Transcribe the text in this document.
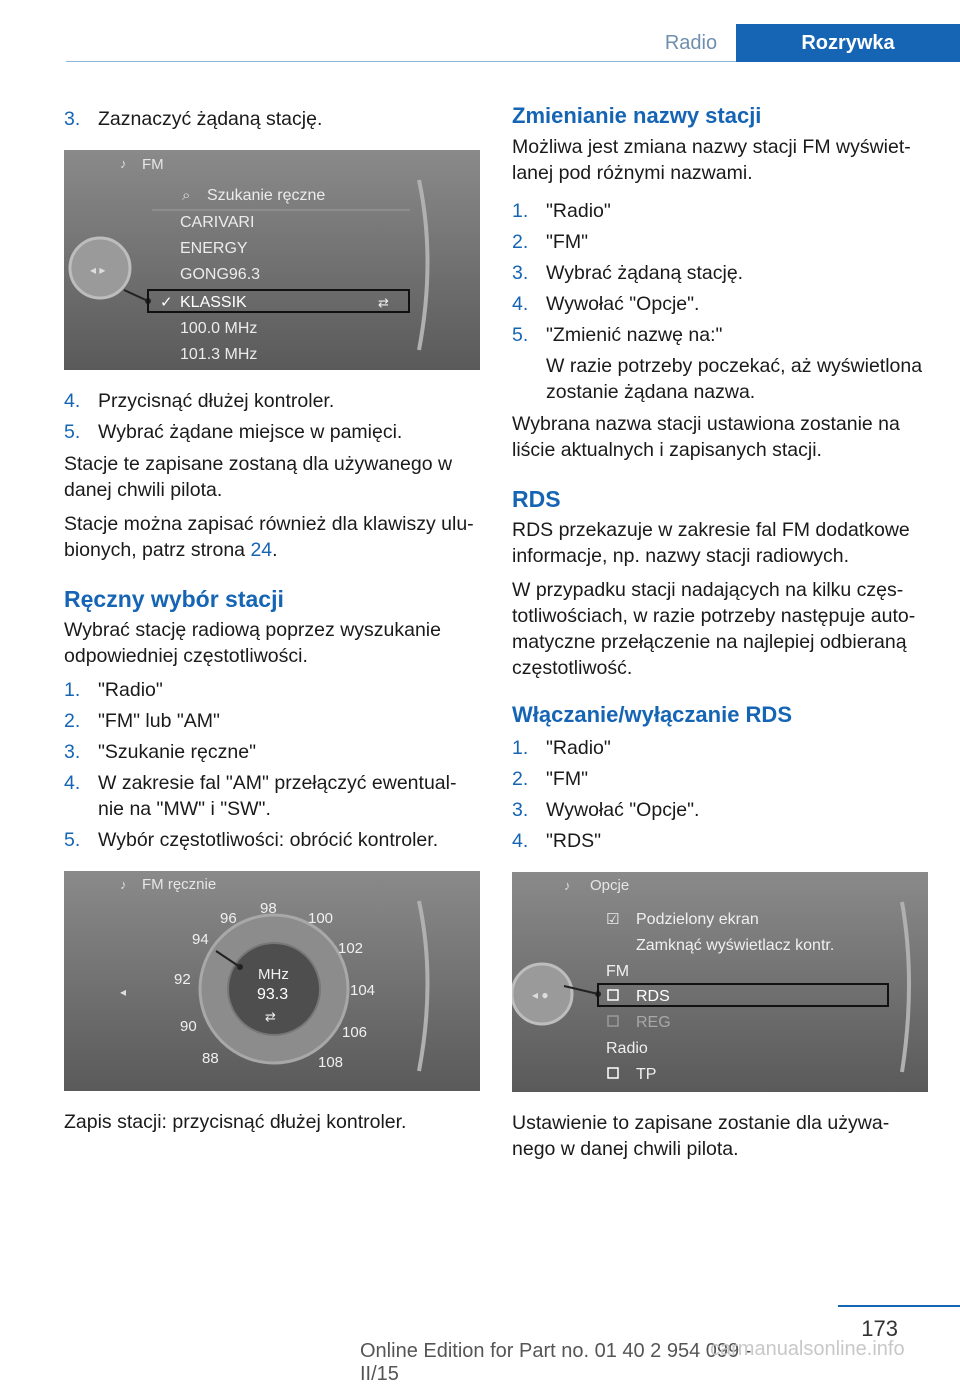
Radio	Rozrywka
3. Zaznaczyć żądaną stację.
◂ ▸
♪ FM
⌕ Szukanie ręczne
CARIVARI
ENERGY
GONG96.3
✓ KLASSIK	⇄
100.0 MHz
101.3 MHz
4. Przycisnąć dłużej kontroler.
5. Wybrać żądane miejsce w pamięci.

Stacje te zapisane zostaną dla używanego w danej chwili pilota.

Stacje można zapisać również dla klawiszy ulu‐bionych, patrz strona 24.

Ręczny wybór stacji

Wybrać stację radiową poprzez wyszukanie odpowiedniej częstotliwości.

1. "Radio"
2. "FM" lub "AM"
3. "Szukanie ręczne"
4. W zakresie fal "AM" przełączyć ewentual‐nie na "MW" i "SW".
5. Wybór częstotliwości: obrócić kontroler.
♪ FM ręcznie
◂
88
90
92
94
96
98
100
102
104
106
108
MHz
93.3
⇄

Zapis stacji: przycisnąć dłużej kontroler.

Zmienianie nazwy stacji

Możliwa jest zmiana nazwy stacji FM wyświet‐lanej pod różnymi nazwami.

1. "Radio"
2. "FM"
3. Wybrać żądaną stację.
4. Wywołać "Opcje".
5. "Zmienić nazwę na:"
W razie potrzeby poczekać, aż wyświetlona zostanie żądana nazwa.

Wybrana nazwa stacji ustawiona zostanie na liście aktualnych i zapisanych stacji.

RDS

RDS przekazuje w zakresie fal FM dodatkowe informacje, np. nazwy stacji radiowych.

W przypadku stacji nadających na kilku częs‐totliwościach, w razie potrzeby następuje auto‐matyczne przełączenie na najlepiej odbieraną częstotliwość.

Włączanie/wyłączanie RDS
1. "Radio"
2. "FM"
3. Wywołać "Opcje".
4. "RDS"
♪ Opcje
◂ ●
☑ Podzielony ekran
Zamknąć wyświetlacz kontr.
FM
RDS
REG
Radio
TP

Ustawienie to zapisane zostanie dla używa‐nego w danej chwili pilota.

173
Online Edition for Part no. 01 40 2 954 099 - II/15
carmanualsonline.info
